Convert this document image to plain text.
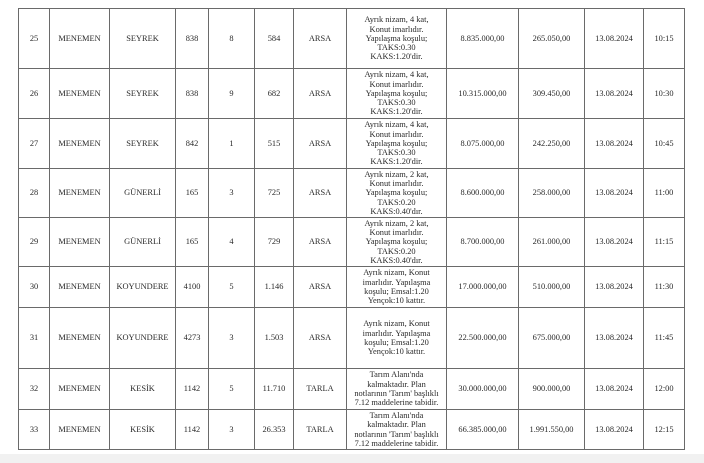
25	MENEMEN	SEYREK	838	8	584	ARSA	Ayrık nizam, 4 kat,
Konut imarlıdır.
Yapılaşma koşulu;
TAKS:0.30
KAKS:1.20'dir.	8.835.000,00	265.050,00	13.08.2024	10:15
26	MENEMEN	SEYREK	838	9	682	ARSA	Ayrık nizam, 4 kat,
Konut imarlıdır.
Yapılaşma koşulu;
TAKS:0.30
KAKS:1.20'dir.	10.315.000,00	309.450,00	13.08.2024	10:30
27	MENEMEN	SEYREK	842	1	515	ARSA	Ayrık nizam, 4 kat,
Konut imarlıdır.
Yapılaşma koşulu;
TAKS:0.30
KAKS:1.20'dir.	8.075.000,00	242.250,00	13.08.2024	10:45
28	MENEMEN	GÜNERLİ	165	3	725	ARSA	Ayrık nizam, 2 kat,
Konut imarlıdır.
Yapılaşma koşulu;
TAKS:0.20
KAKS:0.40'dır.	8.600.000,00	258.000,00	13.08.2024	11:00
29	MENEMEN	GÜNERLİ	165	4	729	ARSA	Ayrık nizam, 2 kat,
Konut imarlıdır.
Yapılaşma koşulu;
TAKS:0.20
KAKS:0.40'dır.	8.700.000,00	261.000,00	13.08.2024	11:15
30	MENEMEN	KOYUNDERE	4100	5	1.146	ARSA	Ayrık nizam, Konut
imarlıdır. Yapılaşma
koşulu; Emsal:1.20
Yençok:10 kattır.	17.000.000,00	510.000,00	13.08.2024	11:30
31	MENEMEN	KOYUNDERE	4273	3	1.503	ARSA	Ayrık nizam, Konut
imarlıdır. Yapılaşma
koşulu; Emsal:1.20
Yençok:10 kattır.	22.500.000,00	675.000,00	13.08.2024	11:45
32	MENEMEN	KESİK	1142	5	11.710	TARLA	Tarım Alanı'nda
kalmaktadır. Plan
notlarının 'Tarım' başlıklı
7.12 maddelerine tabidir.	30.000.000,00	900.000,00	13.08.2024	12:00
33	MENEMEN	KESİK	1142	3	26.353	TARLA	Tarım Alanı'nda
kalmaktadır. Plan
notlarının 'Tarım' başlıklı
7.12 maddelerine tabidir.	66.385.000,00	1.991.550,00	13.08.2024	12:15
